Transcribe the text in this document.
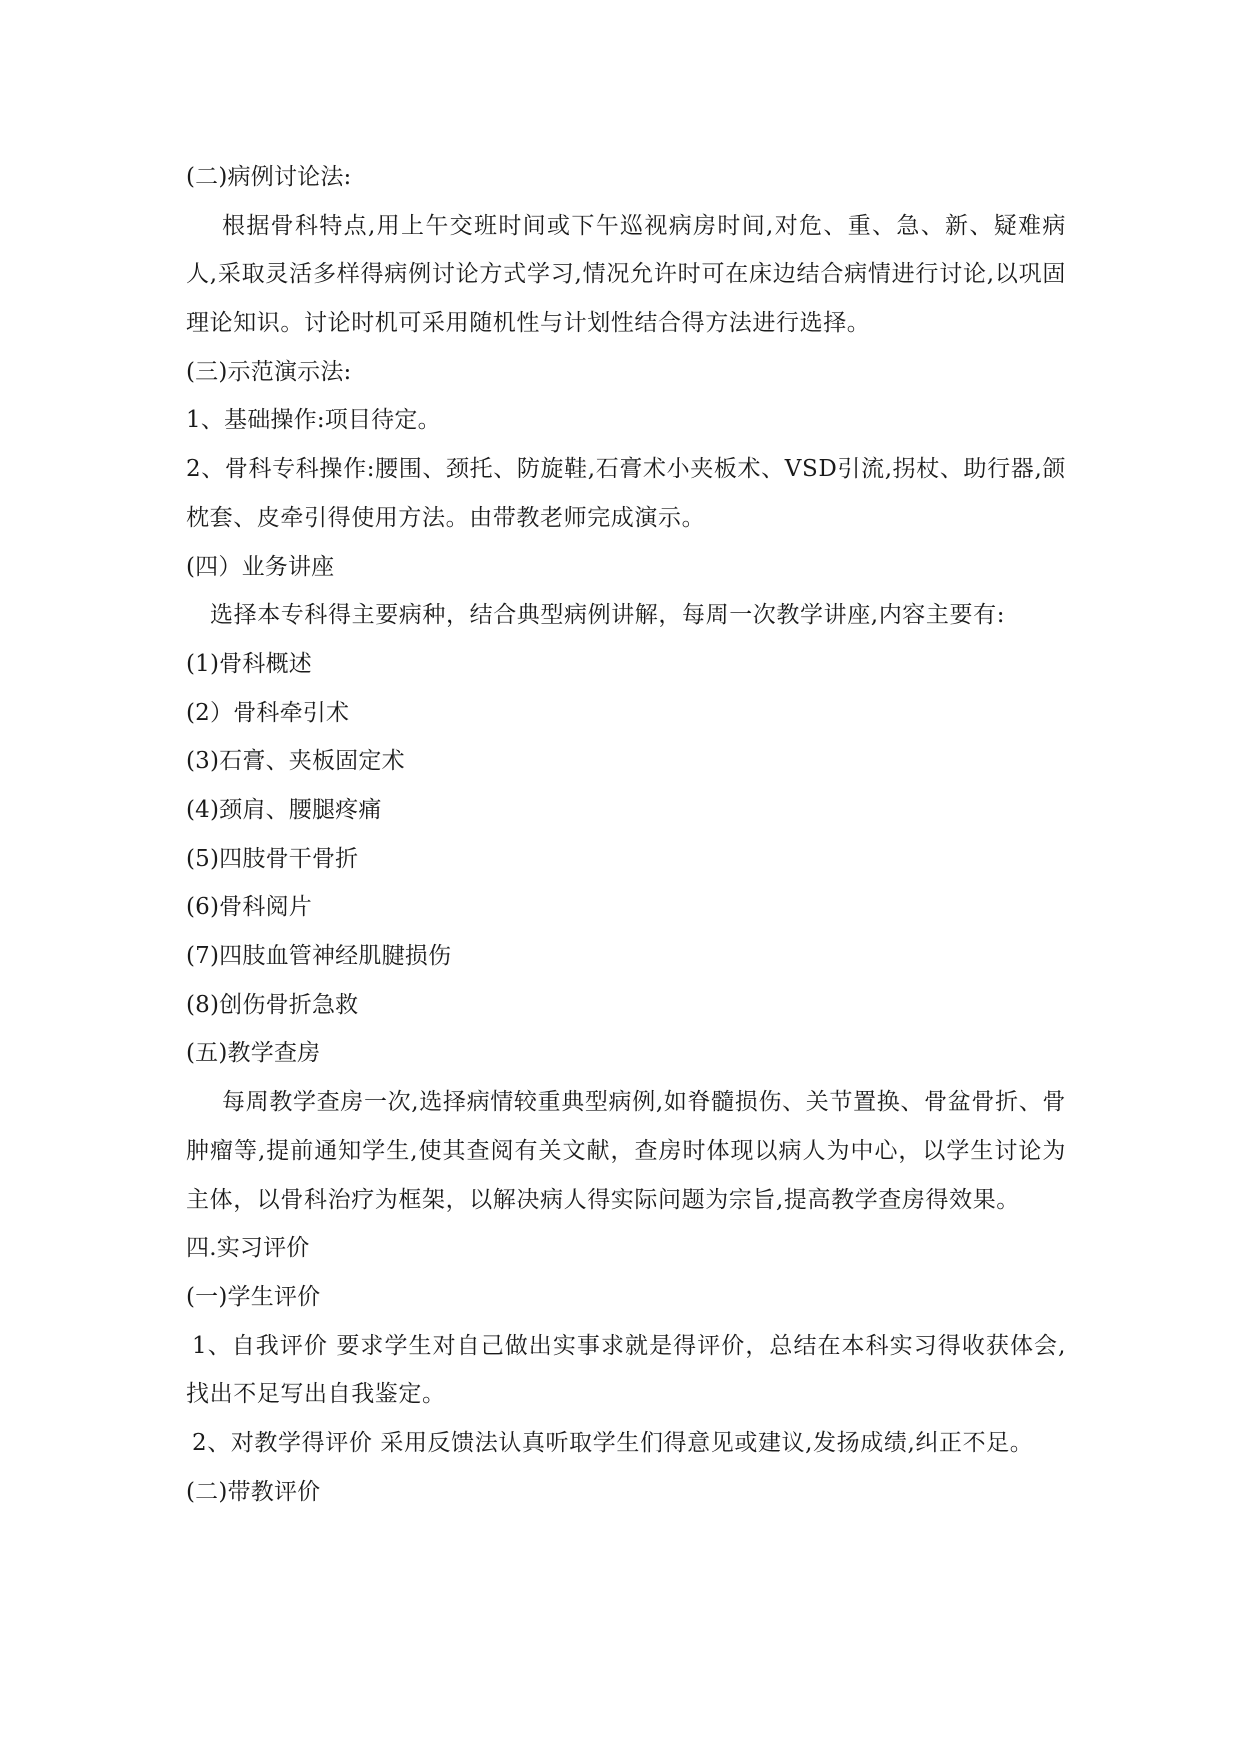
(二)病例讨论法:
根据骨科特点,用上午交班时间或下午巡视病房时间,对危、重、急、新、疑难病人,采取灵活多样得病例讨论方式学习,情况允许时可在床边结合病情进行讨论,以巩固理论知识。讨论时机可采用随机性与计划性结合得方法进行选择。
(三)示范演示法:
1、基础操作:项目待定。
2、骨科专科操作:腰围、颈托、防旋鞋,石膏术小夹板术、VSD引流,拐杖、助行器,颌枕套、皮牵引得使用方法。由带教老师完成演示。
(四）业务讲座
选择本专科得主要病种，结合典型病例讲解，每周一次教学讲座,内容主要有:
(1)骨科概述
(2）骨科牵引术
(3)石膏、夹板固定术
(4)颈肩、腰腿疼痛
(5)四肢骨干骨折
(6)骨科阅片
(7)四肢血管神经肌腱损伤
(8)创伤骨折急救
(五)教学查房
每周教学查房一次,选择病情较重典型病例,如脊髓损伤、关节置换、骨盆骨折、骨肿瘤等,提前通知学生,使其查阅有关文献，查房时体现以病人为中心，以学生讨论为主体，以骨科治疗为框架，以解决病人得实际问题为宗旨,提高教学查房得效果。
四.实习评价
(一)学生评价
1、自我评价 要求学生对自己做出实事求就是得评价，总结在本科实习得收获体会,找出不足写出自我鉴定。
2、对教学得评价 采用反馈法认真听取学生们得意见或建议,发扬成绩,纠正不足。
(二)带教评价
